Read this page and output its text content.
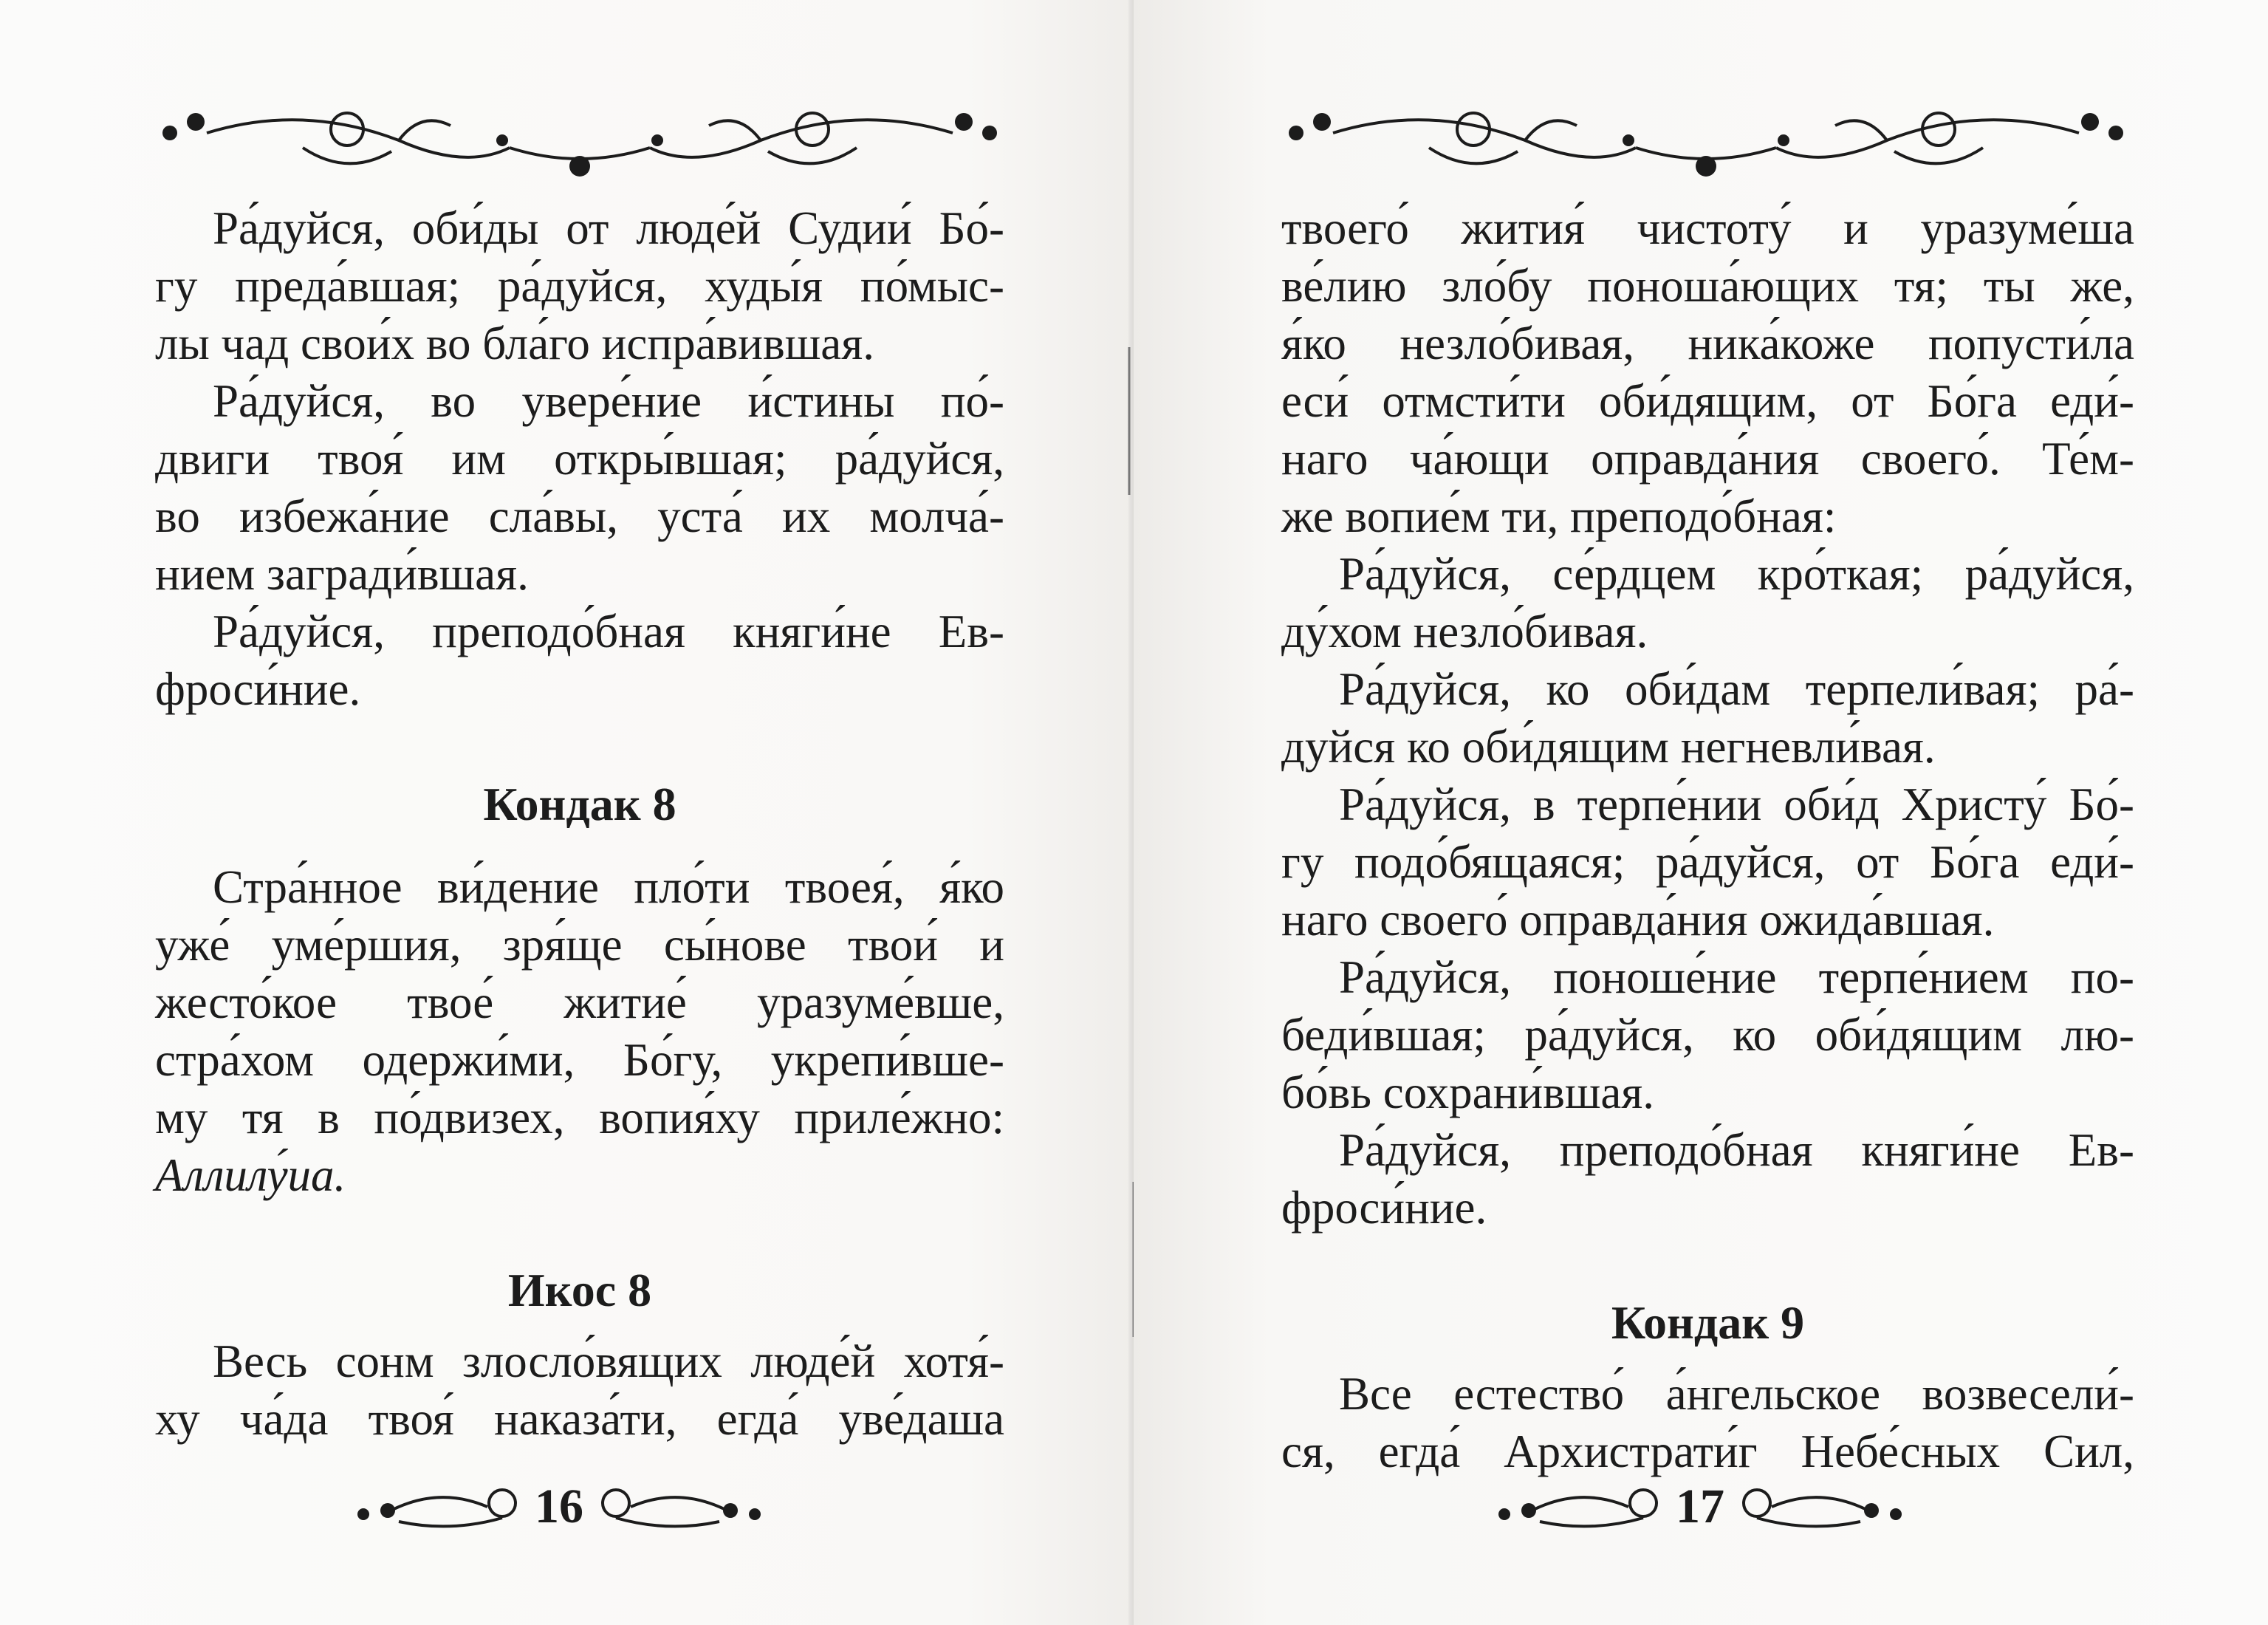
Ра́дуйся, оби́ды от люде́й Судии́ Бо́-

гу преда́вшая; ра́дуйся, худы́я по́мыс-

лы чад свои́х во бла́го испра́вившая.

Ра́дуйся, во увере́ние и́стины по́-

двиги твоя́ им откры́вшая; ра́дуйся,

во избежа́ние сла́вы, уста́ их молча́-

нием загради́вшая.

Ра́дуйся, преподо́бная княги́не Ев-

фроси́ние.

Кондак 8

Стра́нное ви́дение пло́ти твоея́, я́ко

уже́ уме́ршия, зря́ще сы́нове твои́ и

жесто́кое твое́ житие́ уразуме́вше,

стра́хом одержи́ми, Бо́гу, укрепи́вше-

му тя в по́двизех, вопия́ху приле́жно:

Аллилу́иа.

Икос 8

Весь сонм злосло́вящих люде́й хотя́-

ху ча́да твоя́ наказа́ти, егда́ уве́даша

16

твоего́ жития́ чистоту́ и уразуме́ша

ве́лию зло́бу поноша́ющих тя; ты же,

я́ко незло́бивая, ника́коже попусти́ла

еси́ отмсти́ти оби́дящим, от Бо́га еди́-

наго ча́ющи оправда́ния своего́. Те́м-

же вопие́м ти, преподо́бная:

Ра́дуйся, се́рдцем кро́ткая; ра́дуйся,

ду́хом незло́бивая.

Ра́дуйся, ко оби́дам терпели́вая; ра́-

дуйся ко оби́дящим негневли́вая.

Ра́дуйся, в терпе́нии оби́д Христу́ Бо́-

гу подо́бящаяся; ра́дуйся, от Бо́га еди́-

наго своего́ оправда́ния ожида́вшая.

Ра́дуйся, поноше́ние терпе́нием по-

беди́вшая; ра́дуйся, ко оби́дящим лю-

бо́вь сохрани́вшая.

Ра́дуйся, преподо́бная княги́не Ев-

фроси́ние.

Кондак 9

Все естество́ а́нгельское возвесели́-

ся, егда́ Архистрати́г Небе́сных Сил,

17
